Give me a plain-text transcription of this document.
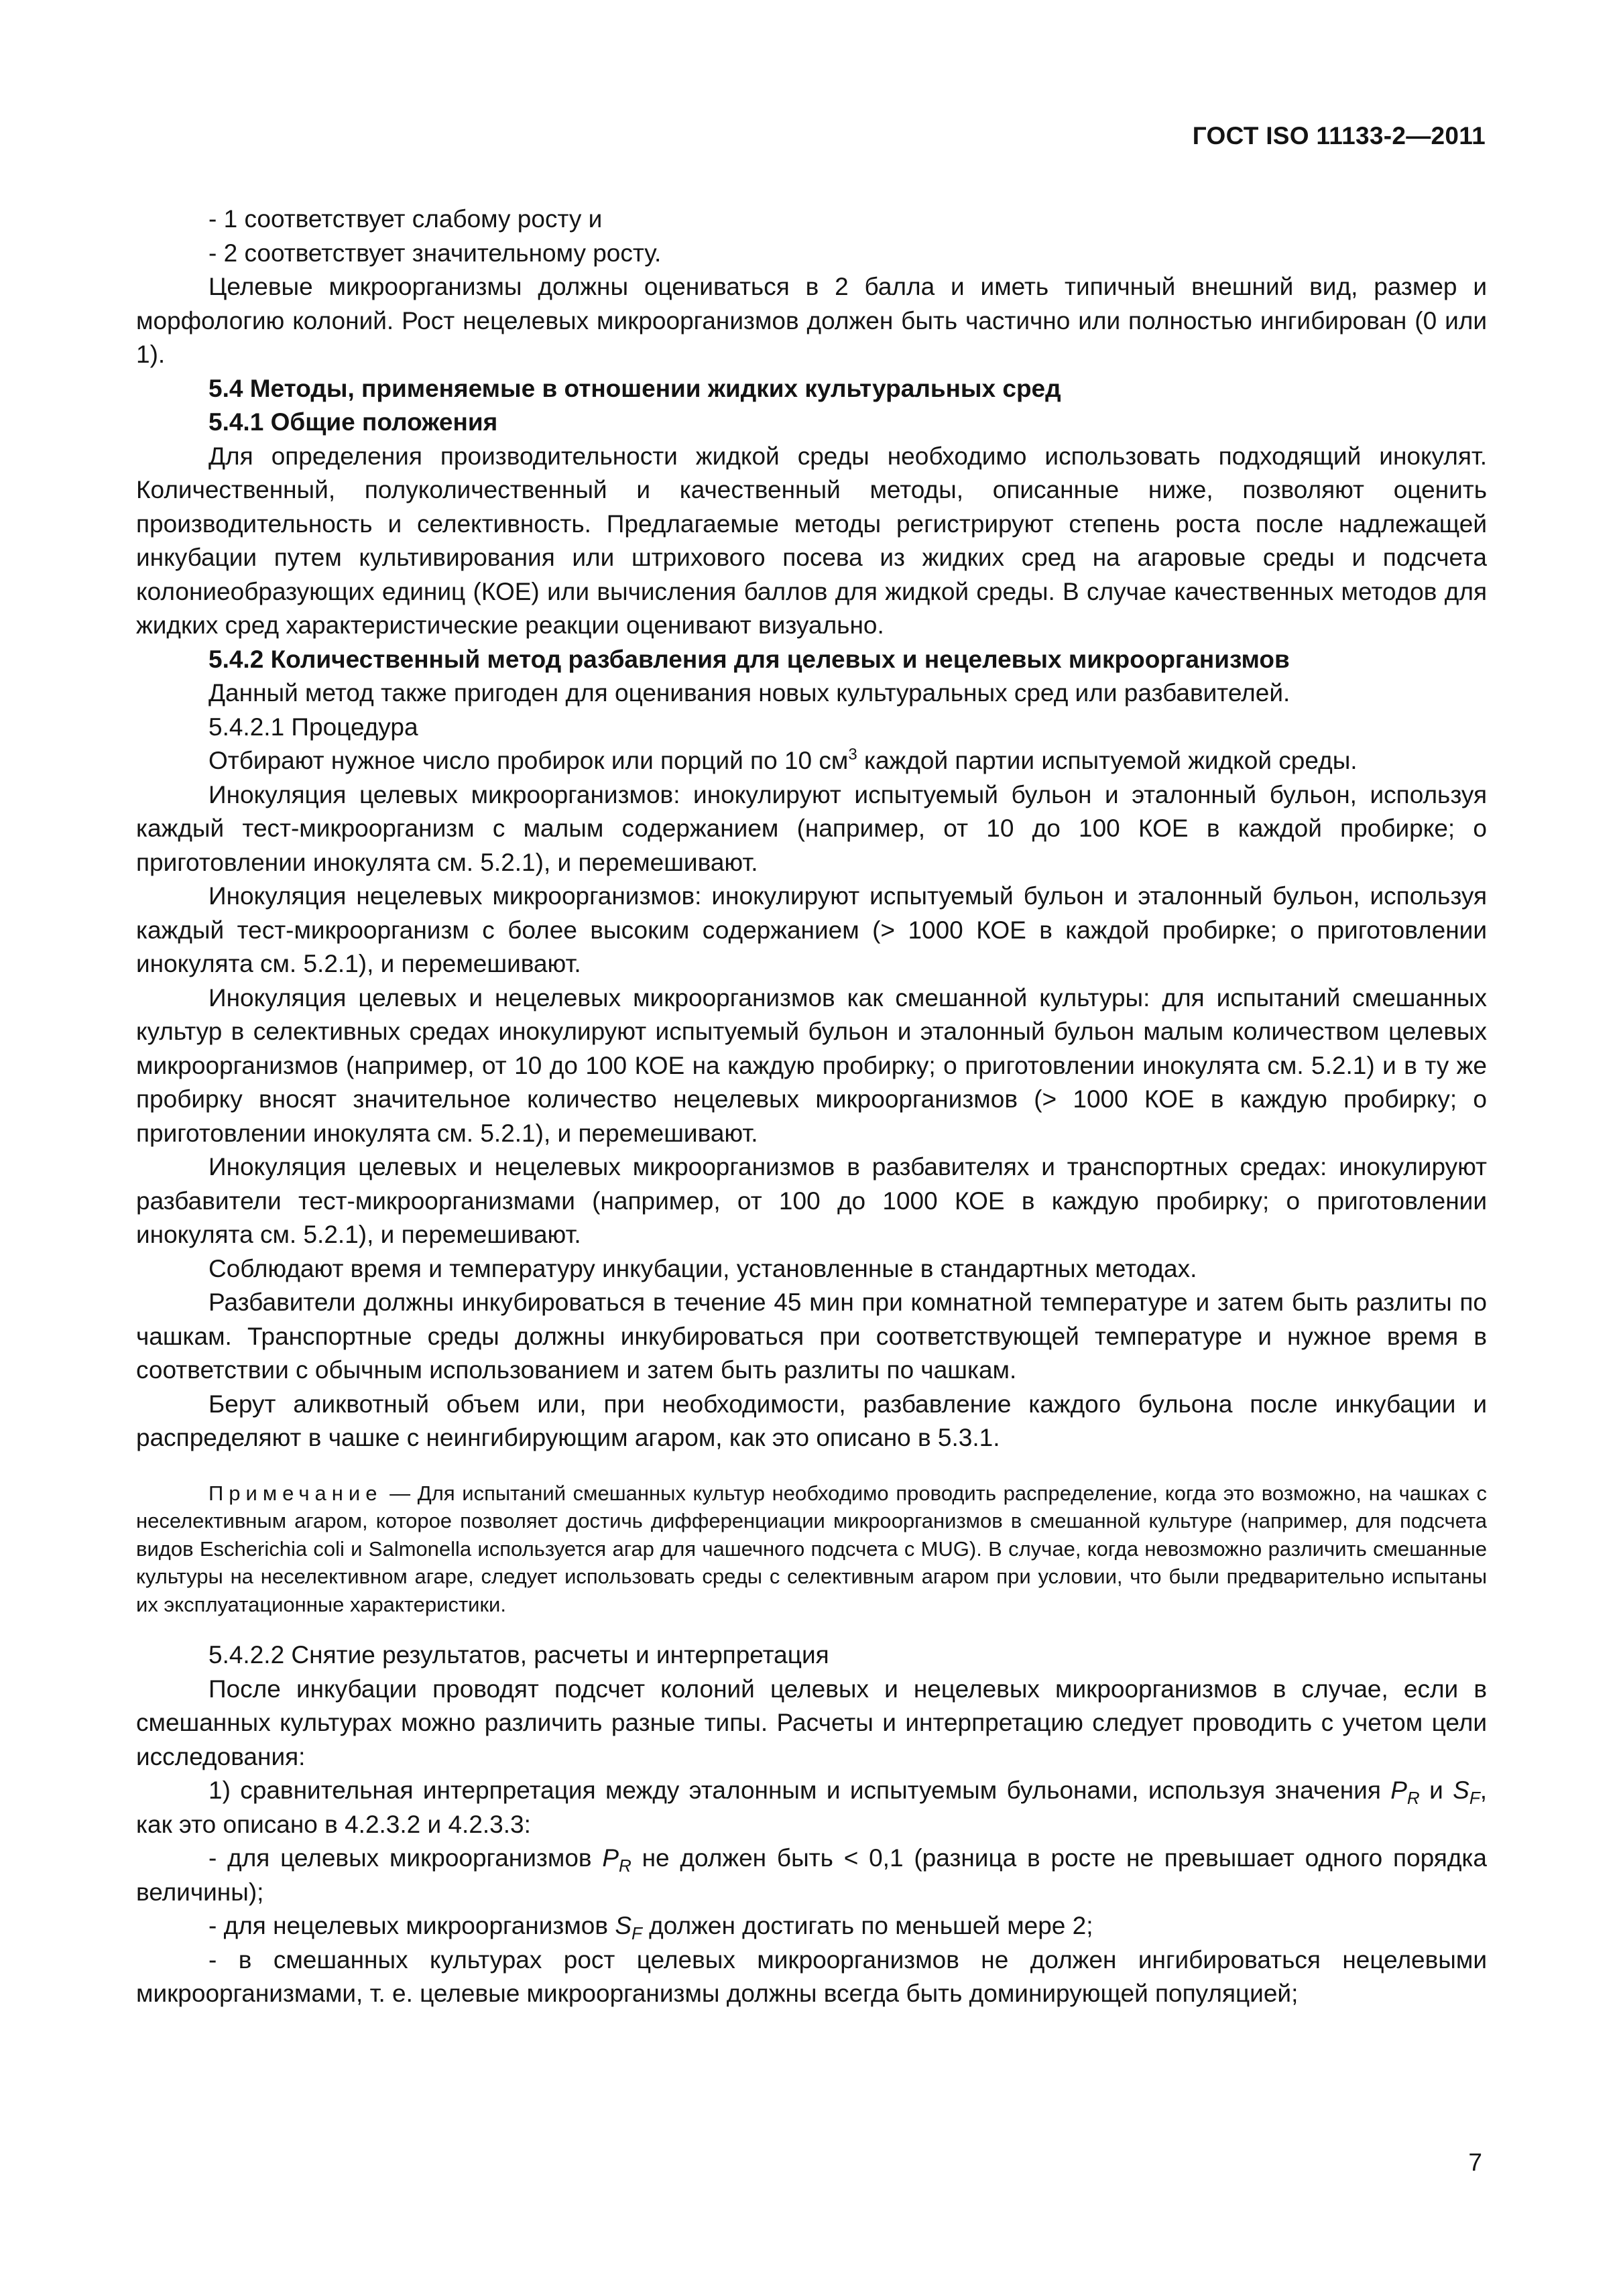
ГОСТ ISO 11133-2—2011

- 1 соответствует слабому росту и

- 2 соответствует значительному росту.

Целевые микроорганизмы должны оцениваться в 2 балла и иметь типичный внешний вид, размер и морфологию колоний. Рост нецелевых микроорганизмов должен быть частично или полностью ингибирован (0 или 1).

5.4 Методы, применяемые в отношении жидких культуральных сред

5.4.1 Общие положения

Для определения производительности жидкой среды необходимо использовать подходящий инокулят. Количественный, полуколичественный и качественный методы, описанные ниже, позволяют оценить производительность и селективность. Предлагаемые методы регистрируют степень роста после надлежащей инкубации путем культивирования или штрихового посева из жидких сред на агаровые среды и подсчета колониеобразующих единиц (КОЕ) или вычисления баллов для жидкой среды. В случае качественных методов для жидких сред характеристические реакции оценивают визуально.

5.4.2 Количественный метод разбавления для целевых и нецелевых микроорганизмов

Данный метод также пригоден для оценивания новых культуральных сред или разбавителей.

5.4.2.1 Процедура

Отбирают нужное число пробирок или порций по 10 $см^3$ каждой партии испытуемой жидкой среды.

Инокуляция целевых микроорганизмов: инокулируют испытуемый бульон и эталонный бульон, используя каждый тест-микроорганизм с малым содержанием (например, от 10 до 100 КОЕ в каждой пробирке; о приготовлении инокулята см. 5.2.1), и перемешивают.

Инокуляция нецелевых микроорганизмов: инокулируют испытуемый бульон и эталонный бульон, используя каждый тест-микроорганизм с более высоким содержанием (> 1000 КОЕ в каждой пробирке; о приготовлении инокулята см. 5.2.1), и перемешивают.

Инокуляция целевых и нецелевых микроорганизмов как смешанной культуры: для испытаний смешанных культур в селективных средах инокулируют испытуемый бульон и эталонный бульон малым количеством целевых микроорганизмов (например, от 10 до 100 КОЕ на каждую пробирку; о приготовлении инокулята см. 5.2.1) и в ту же пробирку вносят значительное количество нецелевых микроорганизмов (> 1000 КОЕ в каждую пробирку; о приготовлении инокулята см. 5.2.1), и перемешивают.

Инокуляция целевых и нецелевых микроорганизмов в разбавителях и транспортных средах: инокулируют разбавители тест-микроорганизмами (например, от 100 до 1000 КОЕ в каждую пробирку; о приготовлении инокулята см. 5.2.1), и перемешивают.

Соблюдают время и температуру инкубации, установленные в стандартных методах.

Разбавители должны инкубироваться в течение 45 мин при комнатной температуре и затем быть разлиты по чашкам. Транспортные среды должны инкубироваться при соответствующей температуре и нужное время в соответствии с обычным использованием и затем быть разлиты по чашкам.

Берут аликвотный объем или, при необходимости, разбавление каждого бульона после инкубации и распределяют в чашке с неингибирующим агаром, как это описано в 5.3.1.

Примечание — Для испытаний смешанных культур необходимо проводить распределение, когда это возможно, на чашках с неселективным агаром, которое позволяет достичь дифференциации микроорганизмов в смешанной культуре (например, для подсчета видов Escherichia coli и Salmonella используется агар для чашечного подсчета с MUG). В случае, когда невозможно различить смешанные культуры на неселективном агаре, следует использовать среды с селективным агаром при условии, что были предварительно испытаны их эксплуатационные характеристики.

5.4.2.2 Снятие результатов, расчеты и интерпретация

После инкубации проводят подсчет колоний целевых и нецелевых микроорганизмов в случае, если в смешанных культурах можно различить разные типы. Расчеты и интерпретацию следует проводить с учетом цели исследования:

1) сравнительная интерпретация между эталонным и испытуемым бульонами, используя значения $P_R$ и $S_F$, как это описано в 4.2.3.2 и 4.2.3.3:

- для целевых микроорганизмов $P_R$ не должен быть < 0,1 (разница в росте не превышает одного порядка величины);

- для нецелевых микроорганизмов $S_F$ должен достигать по меньшей мере 2;

- в смешанных культурах рост целевых микроорганизмов не должен ингибироваться нецелевыми микроорганизмами, т. е. целевые микроорганизмы должны всегда быть доминирующей популяцией;

7
